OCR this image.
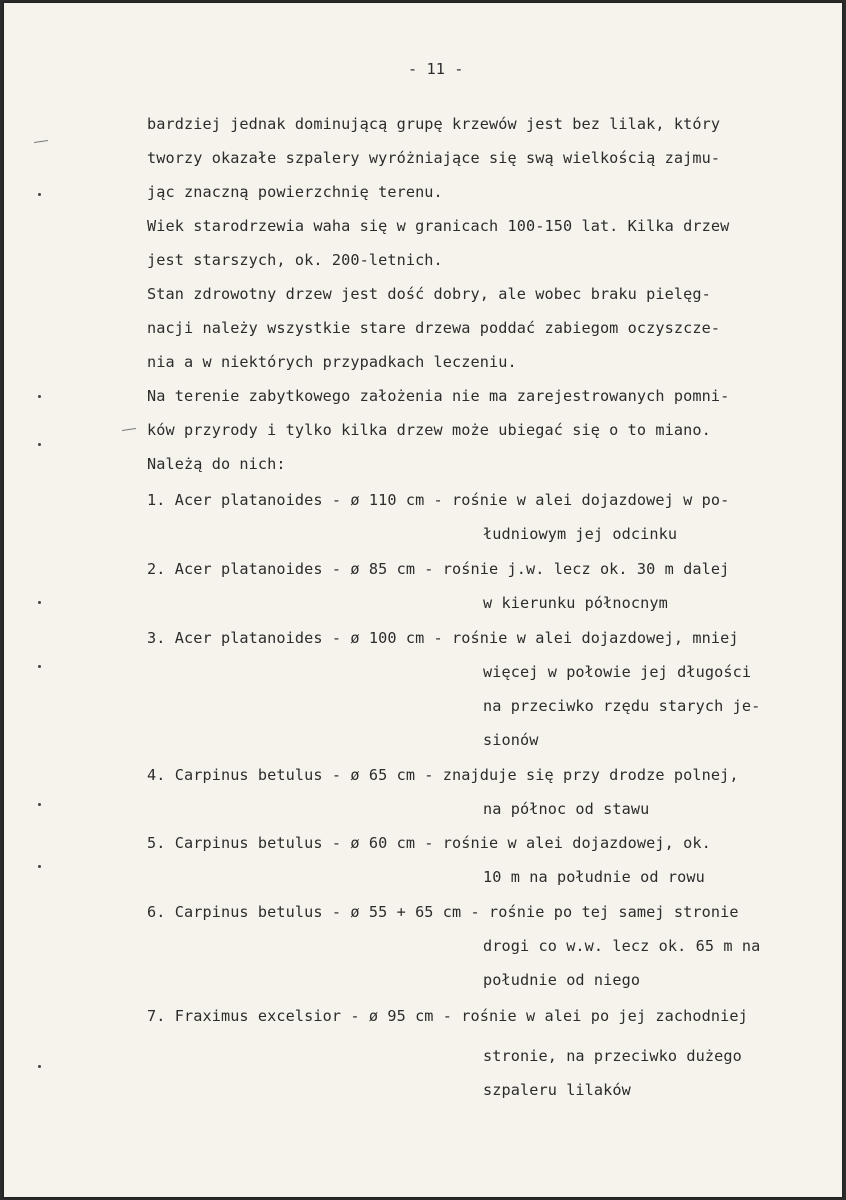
- 11 -
bardziej jednak dominującą grupę krzewów jest bez lilak, który
tworzy okazałe szpalery wyróżniające się swą wielkością zajmu-
jąc znaczną powierzchnię terenu.
Wiek starodrzewia waha się w granicach 100-150 lat. Kilka drzew
jest starszych, ok. 200-letnich.
Stan zdrowotny drzew jest dość dobry, ale wobec braku pielęg-
nacji należy wszystkie stare drzewa poddać zabiegom oczyszcze-
nia a w niektórych przypadkach leczeniu.
Na terenie zabytkowego założenia nie ma zarejestrowanych pomni-
ków przyrody i tylko kilka drzew może ubiegać się o to miano.
Należą do nich:
1. Acer platanoides - ø 110 cm - rośnie w alei dojazdowej w po-
łudniowym jej odcinku
2. Acer platanoides - ø 85 cm - rośnie j.w. lecz ok. 30 m dalej
w kierunku północnym
3. Acer platanoides - ø 100 cm - rośnie w alei dojazdowej, mniej
więcej w połowie jej długości
na przeciwko rzędu starych je-
sionów
4. Carpinus betulus - ø 65 cm - znajduje się przy drodze polnej,
na północ od stawu
5. Carpinus betulus - ø 60 cm - rośnie w alei dojazdowej, ok.
10 m na południe od rowu
6. Carpinus betulus - ø 55 + 65 cm - rośnie po tej samej stronie
drogi co w.w. lecz ok. 65 m na
południe od niego
7. Fraximus excelsior - ø 95 cm - rośnie w alei po jej zachodniej
stronie, na przeciwko dużego
szpaleru lilaków
